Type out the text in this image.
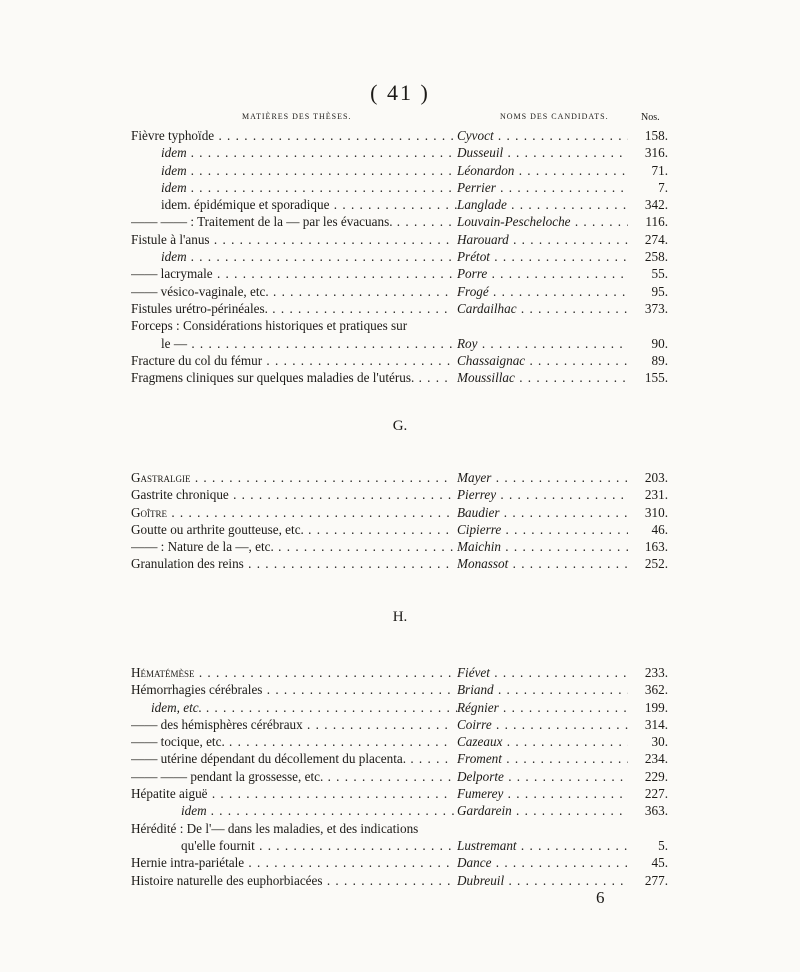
( 41 )
MATIÈRES DES THÈSES.	NOMS DES CANDIDATS.	Nos.
Fièvre typhoïde . . .	Cyvoct . . .	158.
idem . . .	Dusseuil . . .	316.
idem . . .	Léonardon . . .	71.
idem . . .	Perrier . . .	7.
idem. épidémique et sporadique . . .	Langlade . . .	342.
—— —— : Traitement de la — par les évacuans. . . .	Louvain-Pescheloche . . .	116.
Fistule à l'anus . . .	Harouard . . .	274.
idem . . .	Prétot . . .	258.
—— lacrymale . . .	Porre . . .	55.
—— vésico-vaginale, etc. . . .	Frogé . . .	95.
Fistules urétro-périnéales. . . .	Cardailhac . . .	373.
Forceps : Considérations historiques et pratiques sur
le — . . .	Roy . . .	90.
Fracture du col du fémur . . .	Chassaignac . . .	89.
Fragmens cliniques sur quelques maladies de l'utérus. . . .	Moussillac . . .	155.
G.
Gastralgie . . .	Mayer . . .	203.
Gastrite chronique . . .	Pierrey . . .	231.
Goître . . .	Baudier . . .	310.
Goutte ou arthrite goutteuse, etc. . . .	Cipierre . . .	46.
—— : Nature de la —, etc. . . .	Maichin . . .	163.
Granulation des reins . . .	Monassot . . .	252.
H.
Hématémèse . . .	Fiévet . . .	233.
Hémorrhagies cérébrales . . .	Briand . . .	362.
idem, etc. . . .	Régnier . . .	199.
—— des hémisphères cérébraux . . .	Coirre . . .	314.
—— tocique, etc. . . .	Cazeaux . . .	30.
—— utérine dépendant du décollement du placenta. . . .	Froment . . .	234.
—— —— pendant la grossesse, etc. . . .	Delporte . . .	229.
Hépatite aiguë . . .	Fumerey . . .	227.
idem . . .	Gardarein . . .	363.
Hérédité : De l'— dans les maladies, et des indications
qu'elle fournit . . .	Lustremant . . .	5.
Hernie intra-pariétale . . .	Dance . . .	45.
Histoire naturelle des euphorbiacées . . .	Dubreuil . . .	277.
6
